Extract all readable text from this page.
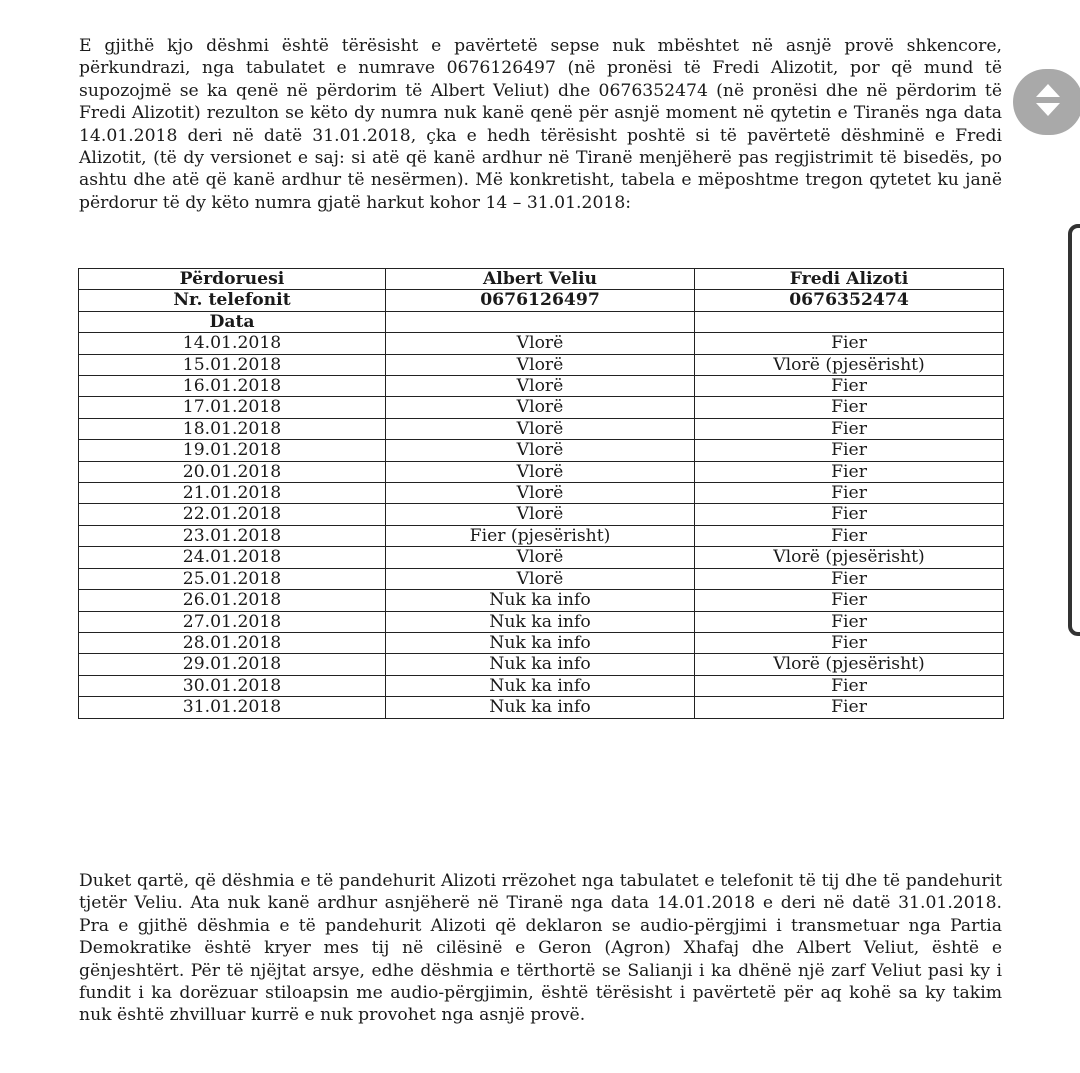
E gjithë kjo dëshmi është tërësisht e pavërtetë sepse nuk mbështet në asnjë provë shkencore, përkundrazi, nga tabulatet e numrave 0676126497 (në pronësi të Fredi Alizotit, por që mund të supozojmë se ka qenë në përdorim të Albert Veliut) dhe 0676352474 (në pronësi dhe në përdorim të Fredi Alizotit) rezulton se këto dy numra nuk kanë qenë për asnjë moment në qytetin e Tiranës nga data 14.01.2018 deri në datë 31.01.2018, çka e hedh tërësisht poshtë si të pavërtetë dëshminë e Fredi Alizotit, (të dy versionet e saj: si atë që kanë ardhur në Tiranë menjëherë pas regjistrimit të bisedës, po ashtu dhe atë që kanë ardhur të nesërmen). Më konkretisht, tabela e mëposhtme tregon qytetet ku janë përdorur të dy këto numra gjatë harkut kohor 14 – 31.01.2018:

Përdoruesi	Albert Veliu	Fredi Alizoti
Nr. telefonit	0676126497	0676352474
Data		
14.01.2018	Vlorë	Fier
15.01.2018	Vlorë	Vlorë (pjesërisht)
16.01.2018	Vlorë	Fier
17.01.2018	Vlorë	Fier
18.01.2018	Vlorë	Fier
19.01.2018	Vlorë	Fier
20.01.2018	Vlorë	Fier
21.01.2018	Vlorë	Fier
22.01.2018	Vlorë	Fier
23.01.2018	Fier (pjesërisht)	Fier
24.01.2018	Vlorë	Vlorë (pjesërisht)
25.01.2018	Vlorë	Fier
26.01.2018	Nuk ka info	Fier
27.01.2018	Nuk ka info	Fier
28.01.2018	Nuk ka info	Fier
29.01.2018	Nuk ka info	Vlorë (pjesërisht)
30.01.2018	Nuk ka info	Fier
31.01.2018	Nuk ka info	Fier

Duket qartë, që dëshmia e të pandehurit Alizoti rrëzohet nga tabulatet e telefonit të tij dhe të pandehurit tjetër Veliu. Ata nuk kanë ardhur asnjëherë në Tiranë nga data 14.01.2018 e deri në datë 31.01.2018. Pra e gjithë dëshmia e të pandehurit Alizoti që deklaron se audio-përgjimi i transmetuar nga Partia Demokratike është kryer mes tij në cilësinë e Geron (Agron) Xhafaj dhe Albert Veliut, është e gënjeshtërt. Për të njëjtat arsye, edhe dëshmia e tërthortë se Salianji i ka dhënë një zarf Veliut pasi ky i fundit i ka dorëzuar stiloapsin me audio-përgjimin, është tërësisht i pavërtetë për aq kohë sa ky takim nuk është zhvilluar kurrë e nuk provohet nga asnjë provë.
